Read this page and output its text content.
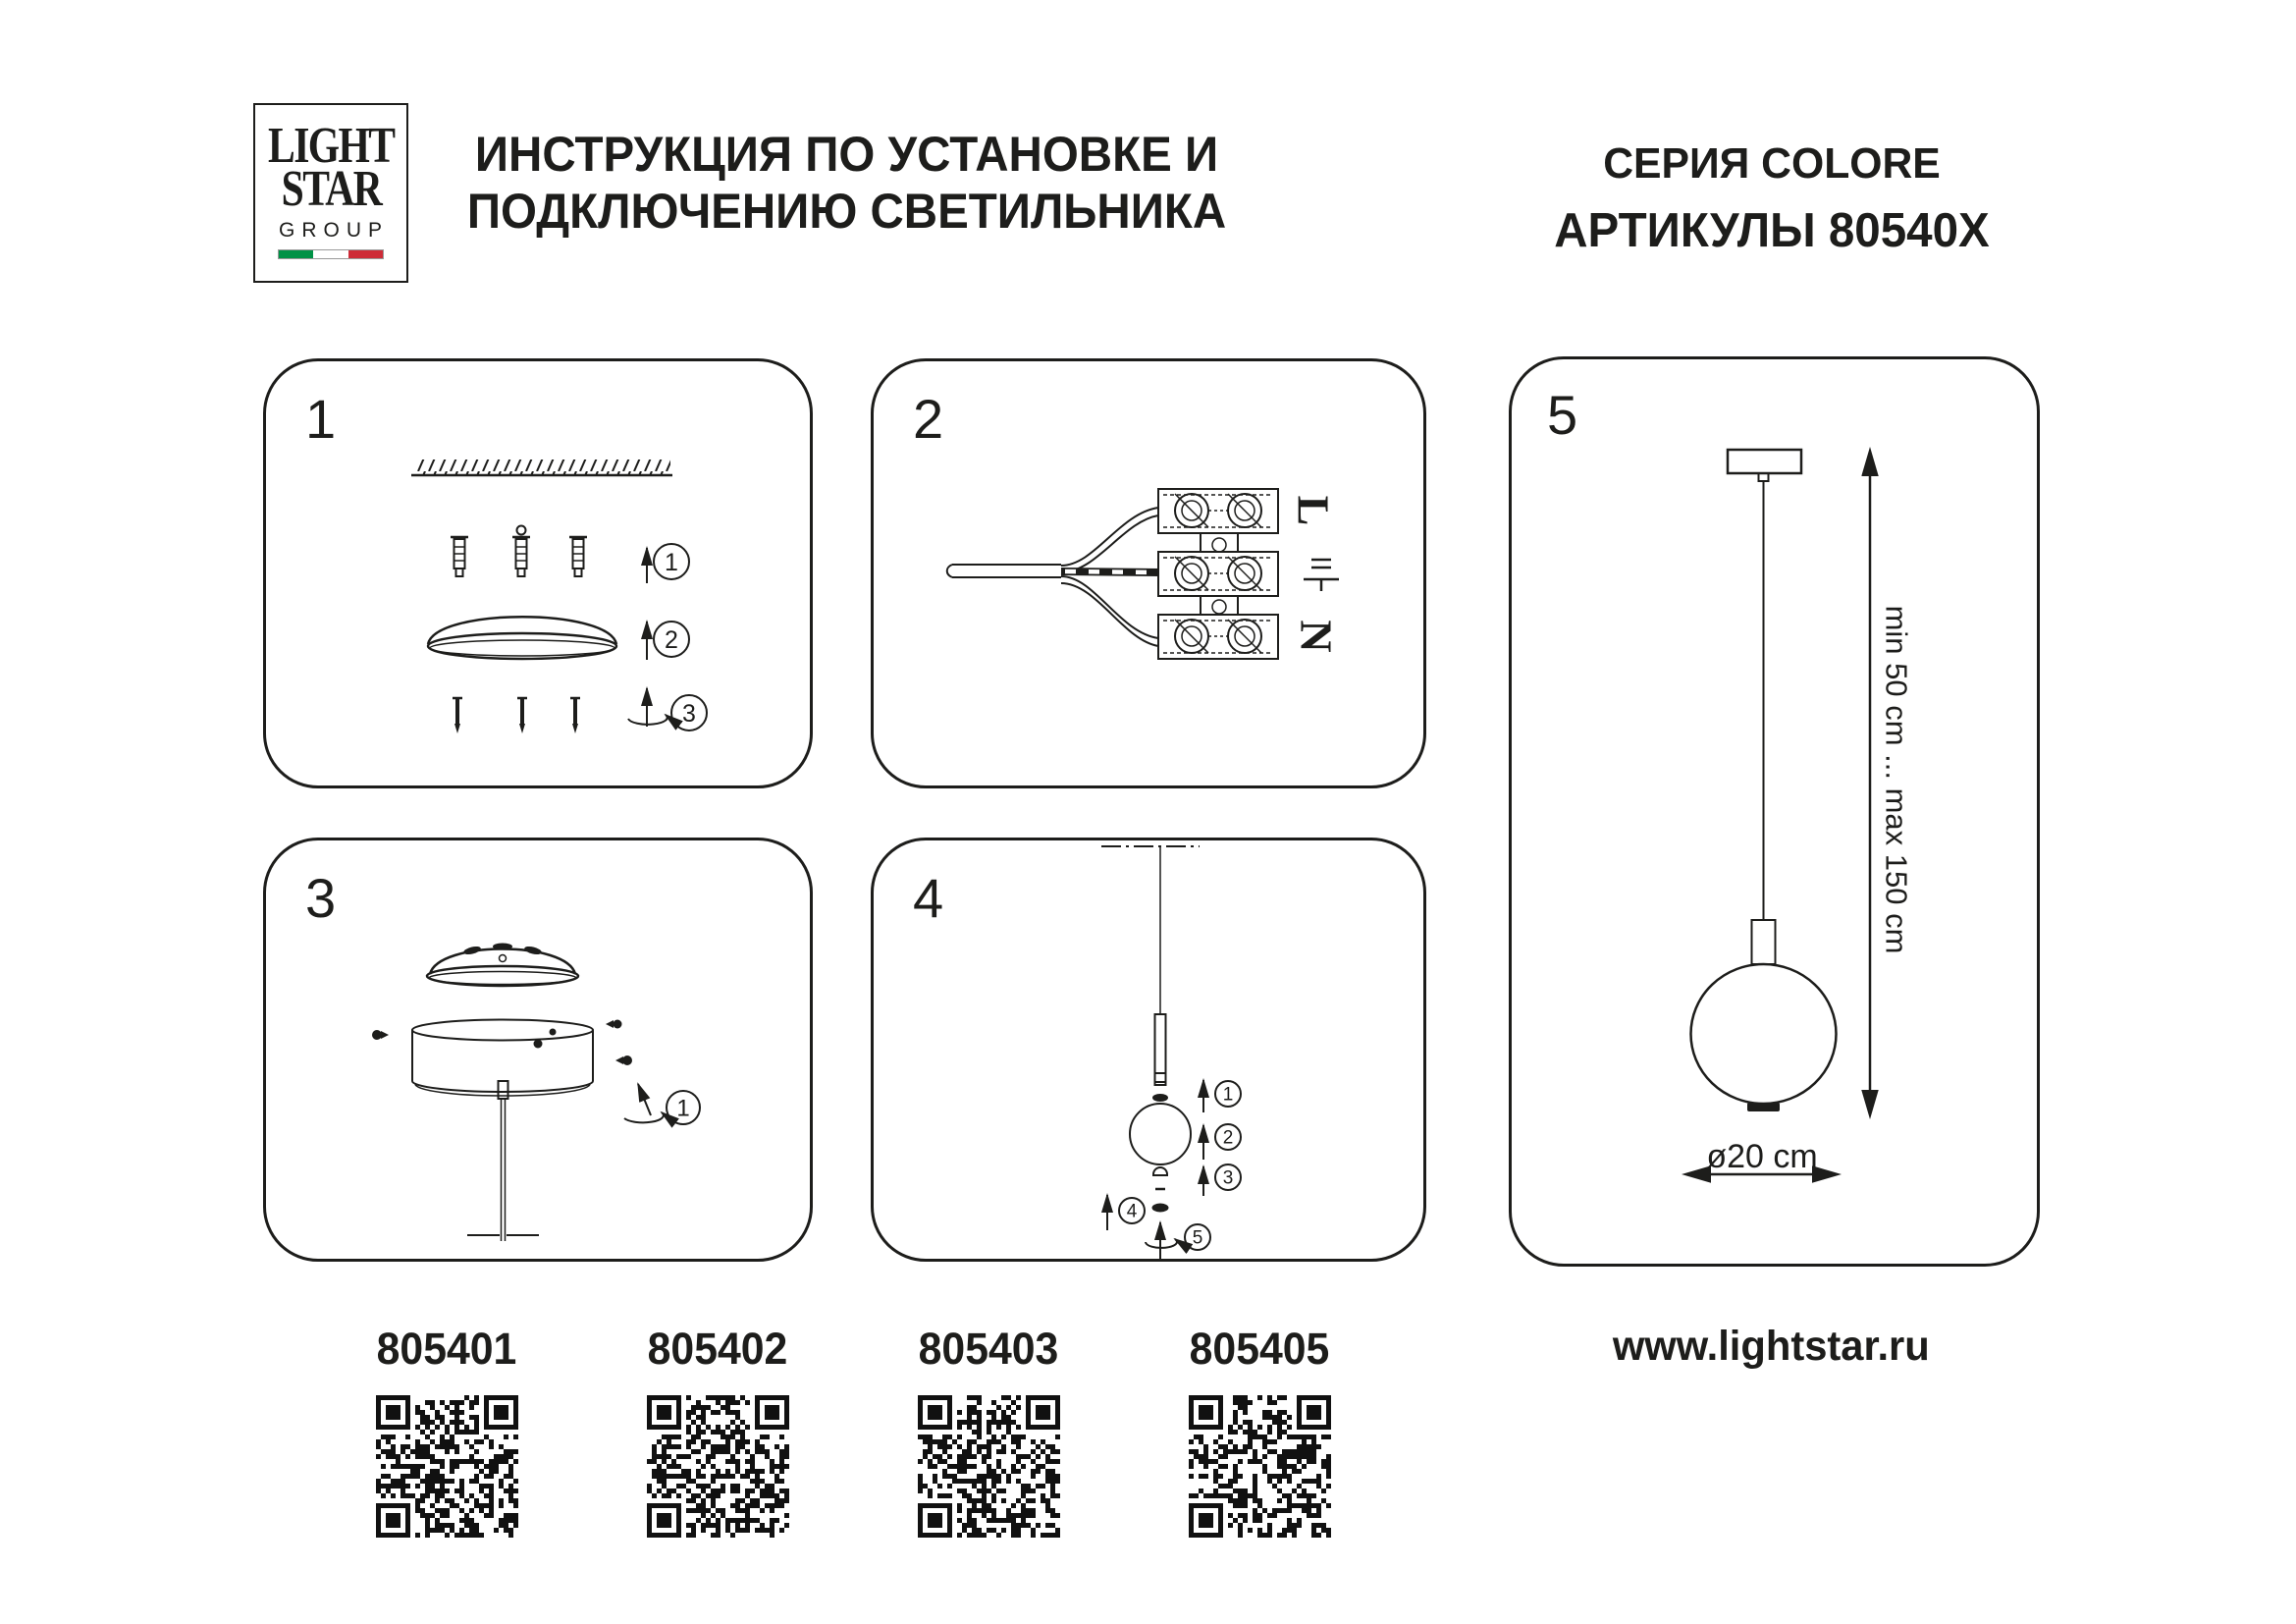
LIGHT
STAR
GROUP
ИНСТРУКЦИЯ ПО УСТАНОВКЕ И
ПОДКЛЮЧЕНИЮ СВЕТИЛЬНИКА
СЕРИЯ COLORE
АРТИКУЛЫ 80540X
1
1
2
3
2
L
N
3
1
4
1
2
3
4
5
5
min 50 cm ... max 150 cm
ø20 cm
805401	805402	805403	805405	www.lightstar.ru
